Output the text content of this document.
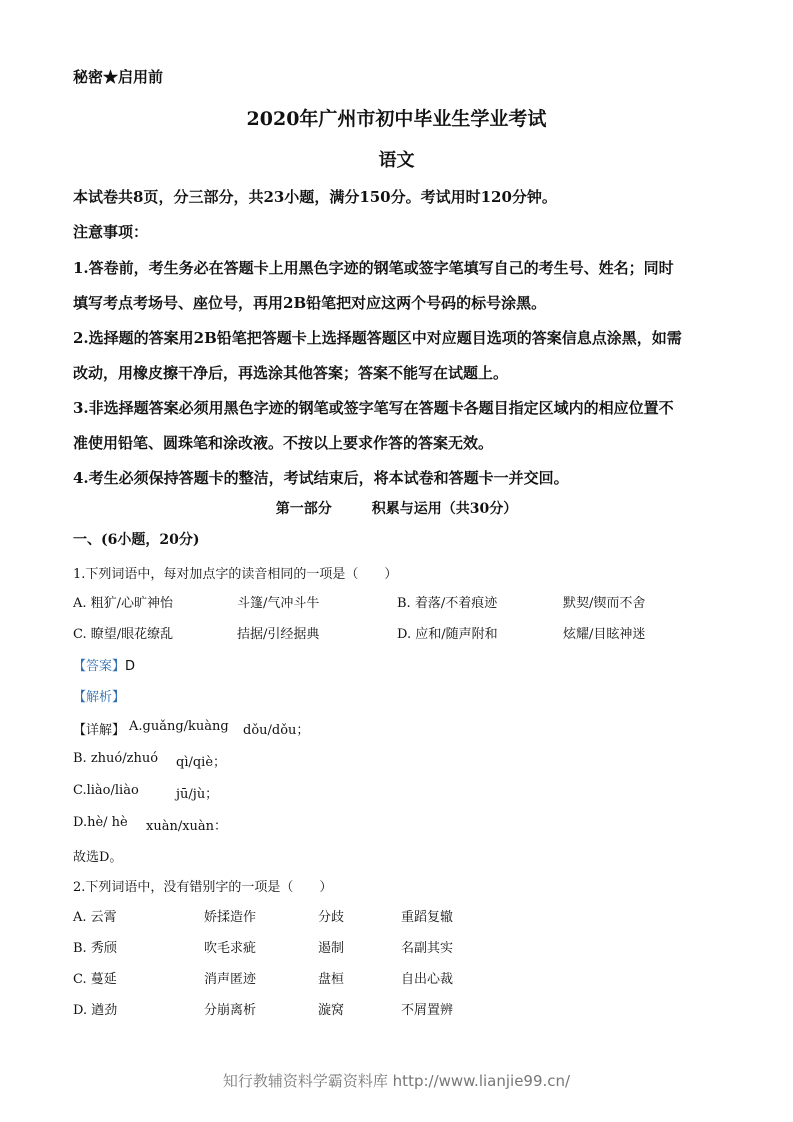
秘密★启用前
2020年广州市初中毕业生学业考试
语文
本试卷共8页，分三部分，共23小题，满分150分。考试用时120分钟。
注意事项：
1.答卷前，考生务必在答题卡上用黑色字迹的钢笔或签字笔填写自己的考生号、姓名；同时
填写考点考场号、座位号，再用2B铅笔把对应这两个号码的标号涂黑。
2.选择题的答案用2B铅笔把答题卡上选择题答题区中对应题目选项的答案信息点涂黑，如需
改动，用橡皮擦干净后，再选涂其他答案；答案不能写在试题上。
3.非选择题答案必须用黑色字迹的钢笔或签字笔写在答题卡各题目指定区域内的相应位置不
准使用铅笔、圆珠笔和涂改液。不按以上要求作答的答案无效。
4.考生必须保持答题卡的整洁，考试结束后，将本试卷和答题卡一并交回。
第一部分	积累与运用（共30分）
一、(6小题，20分)
1.下列词语中，每对加点字的读音相同的一项是（　　）
A. 粗犷/心旷神怡	斗篷/气冲斗牛	B. 着落/不着痕迹	默契/锲而不舍
C. 瞭望/眼花缭乱	拮据/引经据典	D. 应和/随声附和	炫耀/目眩神迷
【答案】D
【解析】
【详解】 A.guǎng/kuàng dǒu/dǒu；
B. zhuó/zhuó qì/qiè；
C.liào/liào	jū/jù；
D.hè/ hè xuàn/xuàn：
故选D。
2.下列词语中，没有错别字的一项是（　　）
A. 云霄	娇揉造作	分歧	重蹈复辙
B. 秀颀	吹毛求疵	遏制	名副其实
C. 蔓延	消声匿迹	盘桓	自出心裁
D. 遒劲	分崩离析	漩窝	不屑置辨
知行教辅资料学霸资料库 http://www.lianjie99.cn/
